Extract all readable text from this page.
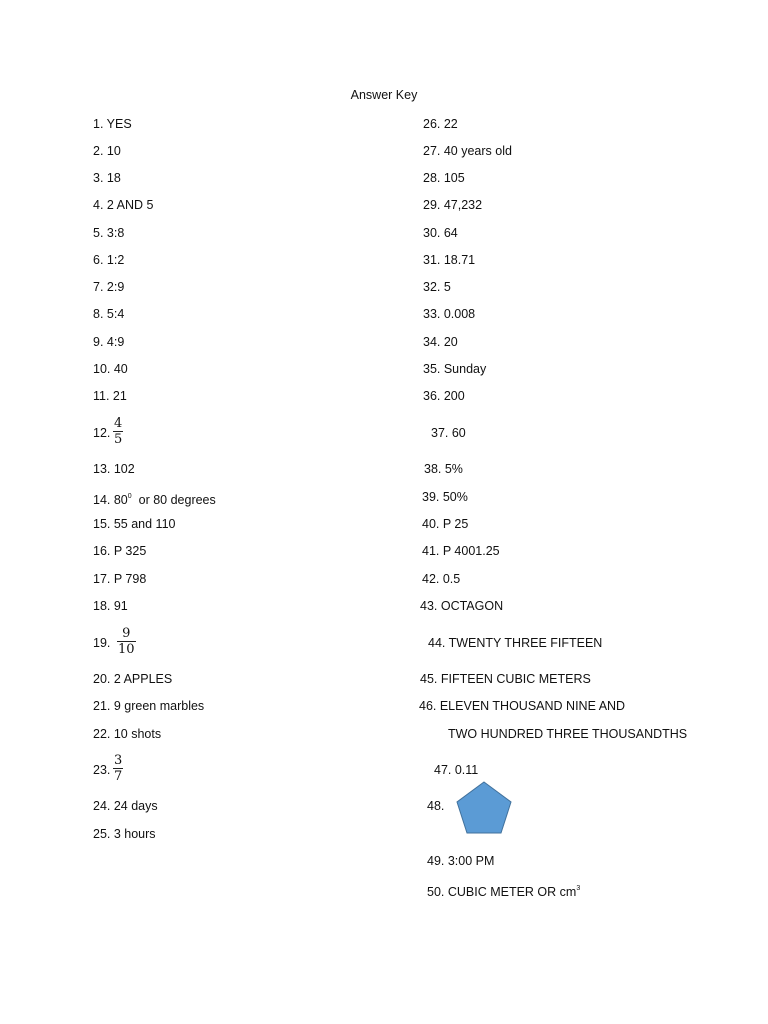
Answer Key
1. YES
2. 10
3. 18
4. 2 AND 5
5. 3:8
6. 1:2
7. 2:9
8. 5:4
9. 4:9
10. 40
11. 21
12. $\frac{4}{5}$
13. 102
14. $80^0$ or 80 degrees
15. 55 and 110
16. P 325
17. P 798
18. 91
19. $\frac{9}{10}$
20. 2 APPLES
21. 9 green marbles
22. 10 shots
23. $\frac{3}{7}$
24. 24 days
25. 3 hours
26. 22
27. 40 years old
28. 105
29. 47,232
30. 64
31. 18.71
32. 5
33. 0.008
34. 20
35. Sunday
36. 200
37. 60
38. 5%
39. 50%
40. P 25
41. P 4001.25
42. 0.5
43. OCTAGON
44. TWENTY THREE FIFTEEN
45. FIFTEEN CUBIC METERS
46. ELEVEN THOUSAND NINE AND
TWO HUNDRED THREE THOUSANDTHS
47. 0.11
48.
49. 3:00 PM
50. CUBIC METER OR $cm^3$
